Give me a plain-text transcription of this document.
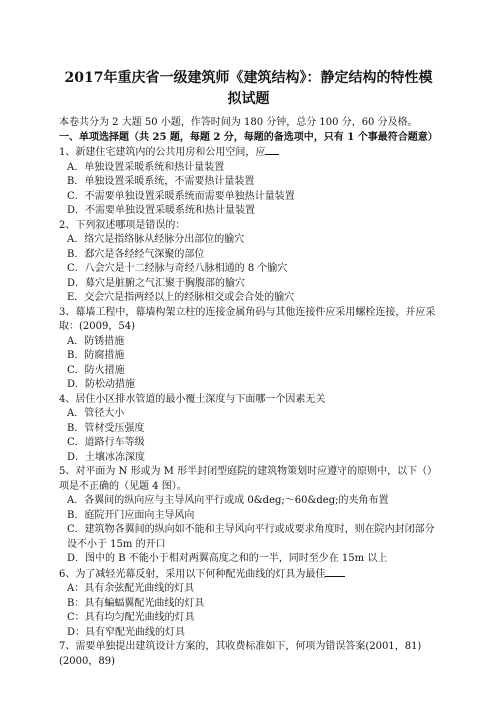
2017年重庆省一级建筑师《建筑结构》：静定结构的特性模
拟试题

本卷共分为 2 大题 50 小题，作答时间为 180 分钟，总分 100 分，60 分及格。

一、单项选择题（共 25 题，每题 2 分，每题的备选项中，只有 1 个事最符合题意）

1、新建住宅建筑内的公共用房和公用空间，应

A．单独设置采暖系统和热计量装置

B．单独设置采暖系统，不需要热计量装置

C．不需要单独设置采暖系统而需要单独热计量装置

D．不需要单独设置采暖系统和热计量装置

2、下列叙述哪项是错误的：

A．络穴是指络脉从经脉分出部位的腧穴

B．郄穴是各经经气深聚的部位

C．八会穴是十二经脉与奇经八脉相通的 8 个腧穴

D．募穴是脏腑之气汇聚于胸腹部的腧穴

E．交会穴是指两经以上的经脉相交或会合处的腧穴

3、幕墙工程中，幕墙构架立柱的连接金属角码与其他连接件应采用螺栓连接，并应采取：(2009，54)

A．防锈措施

B．防腐措施

C．防火措施

D．防松动措施

4、居住小区排水管道的最小覆土深度与下面哪一个因素无关

A．管径大小

B．管材受压强度

C．道路行车等级

D．土壤冰冻深度

5、对平面为 N 形或为 M 形半封闭型庭院的建筑物策划时应遵守的原则中，以下（）项是不正确的（见题 4 图）。

A．各翼间的纵向应与主导风向平行或成 0&deg;～60&deg;的夹角布置

B．庭院开门应面向主导风向

C．建筑物各翼间的纵向如不能和主导风向平行或成要求角度时，则在院内封闭部分设不小于 15m 的开口

D．图中的 B 不能小于相对两翼高度之和的一半，同时至少在 15m 以上

6、为了减轻光幕反射，采用以下何种配光曲线的灯具为最佳

A：具有余弦配光曲线的灯具

B：具有蝙蝠翼配光曲线的灯具

C：具有均匀配光曲线的灯具

D：具有窄配光曲线的灯具

7、需要单独提出建筑设计方案的，其收费标准如下，何项为错误答案(2001，81)(2000，89)
